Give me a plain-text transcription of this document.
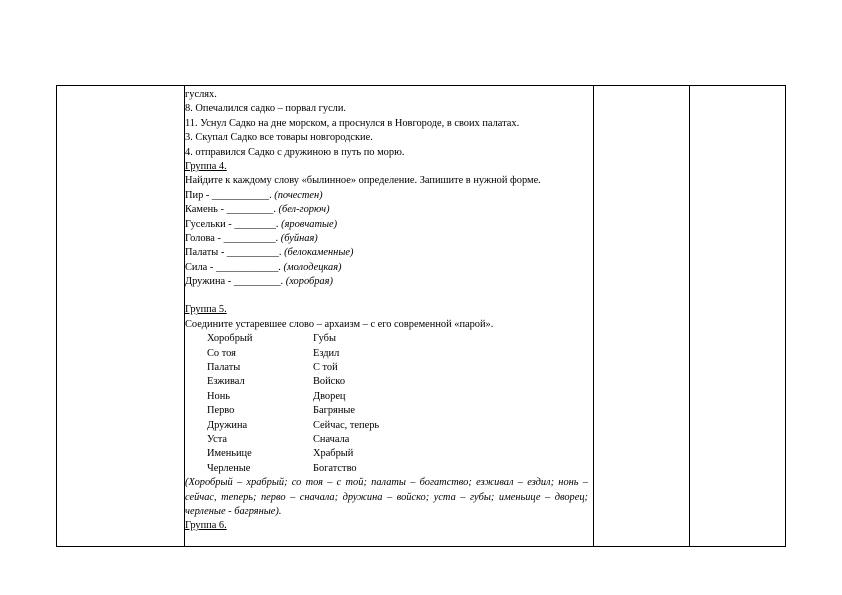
гуслях.
8. Опечалился садко – порвал гусли.
11. Уснул Садко на дне морском, а проснулся в Новгороде, в своих палатах.
3. Скупал Садко все товары новгородские.
4. отправился Садко с дружиною в путь по морю.
Группа 4.
Найдите к каждому слову «былинное» определение. Запишите в нужной форме.
Пир - ___________. (почестен)
Камень - _________. (бел-горюч)
Гусельки - ________. (яровчатые)
Голова - __________. (буйная)
Палаты - __________. (белокаменные)
Сила - ____________. (молодецкая)
Дружина - _________. (хоробрая)
Группа 5.
Соедините устаревшее слово – архаизм – с его современной «парой».
Хоробрый	Губы
Со тоя	Ездил
Палаты	С той
Езживал	Войско
Нонь	Дворец
Перво	Багряные
Дружина	Сейчас, теперь
Уста	Сначала
Именьице	Храбрый
Черленые	Богатство
(Хоробрый – храбрый; со тоя – с той; палаты – богатство; езживал – ездил; нонь – сейчас, теперь; перво – сначала; дружина – войско; уста – губы; именьице – дворец; черленые - багряные).
Группа 6.
